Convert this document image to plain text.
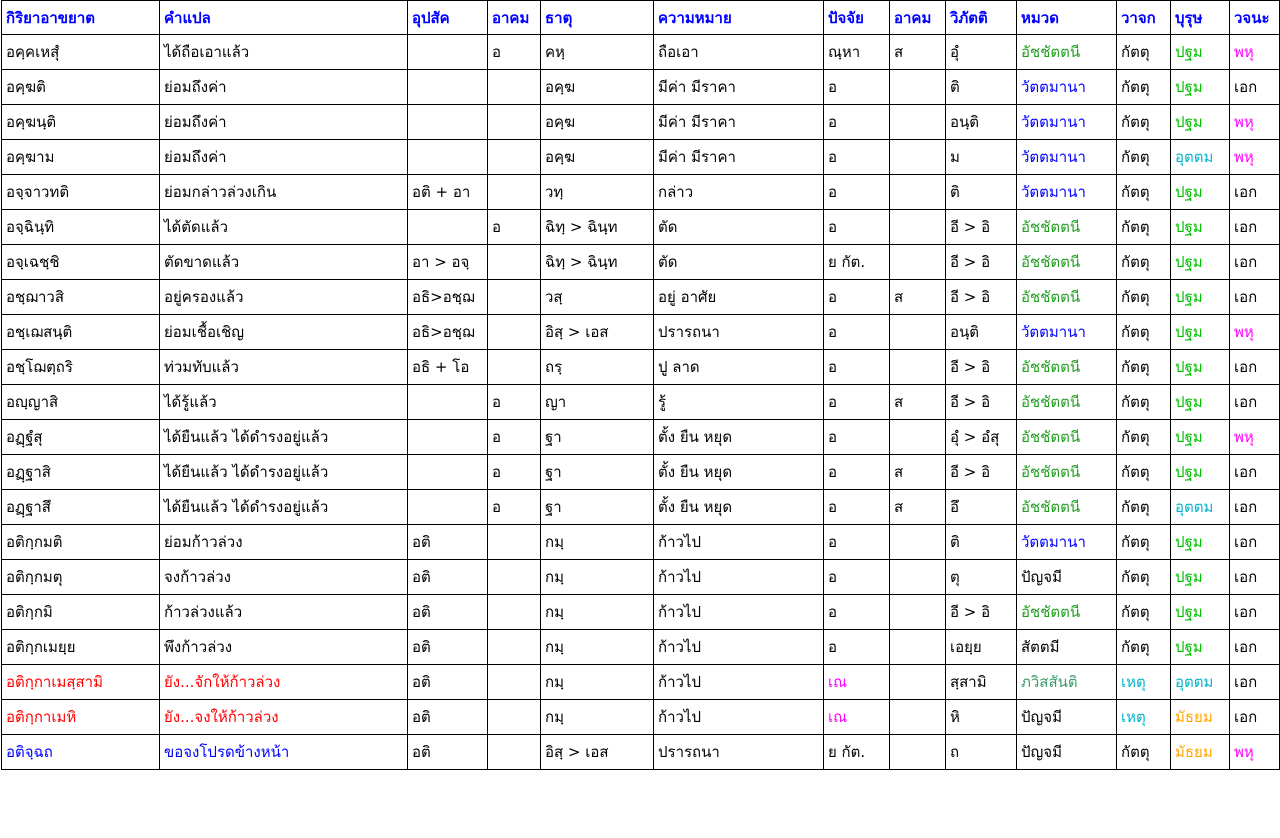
กิริยาอาขยาต	คำแปล	อุปสัค	อาคม	ธาตุ	ความหมาย	ปัจจัย	อาคม	วิภัตติ	หมวด	วาจก	บุรุษ	วจนะ
อคฺคเหสุํ	ได้ถือเอาแล้ว		อ	คหฺ	ถือเอา	ณฺหา	ส	อุํ	อัชชัตตนี	กัตตุ	ปฐม	พหุ
อคฺฆติ	ย่อมถึงค่า			อคฺฆ	มีค่า มีราคา	อ		ติ	วัตตมานา	กัตตุ	ปฐม	เอก
อคฺฆนฺติ	ย่อมถึงค่า			อคฺฆ	มีค่า มีราคา	อ		อนฺติ	วัตตมานา	กัตตุ	ปฐม	พหุ
อคฺฆาม	ย่อมถึงค่า			อคฺฆ	มีค่า มีราคา	อ		ม	วัตตมานา	กัตตุ	อุตตม	พหุ
อจฺจาวทติ	ย่อมกล่าวล่วงเกิน	อติ + อา		วทฺ	กล่าว	อ		ติ	วัตตมานา	กัตตุ	ปฐม	เอก
อจฺฉินฺทิ	ได้ตัดแล้ว		อ	ฉิทฺ > ฉินฺท	ตัด	อ		อี > อิ	อัชชัตตนี	กัตตุ	ปฐม	เอก
อจฺเฉชฺชิ	ตัดขาดแล้ว	อา > อจฺ		ฉิทฺ > ฉินฺท	ตัด	ย กัต.		อี > อิ	อัชชัตตนี	กัตตุ	ปฐม	เอก
อชฺฌาวสิ	อยู่ครองแล้ว	อธิ>อชฺฌ		วสฺ	อยู่ อาศัย	อ	ส	อี > อิ	อัชชัตตนี	กัตตุ	ปฐม	เอก
อชฺเฌสนฺติ	ย่อมเชื้อเชิญ	อธิ>อชฺฌ		อิสฺ > เอส	ปรารถนา	อ		อนฺติ	วัตตมานา	กัตตุ	ปฐม	พหุ
อชฺโฌตฺถริ	ท่วมทับแล้ว	อธิ + โอ		ถรฺ	ปู ลาด	อ		อี > อิ	อัชชัตตนี	กัตตุ	ปฐม	เอก
อญฺญาสิ	ได้รู้แล้ว		อ	ญา	รู้	อ	ส	อี > อิ	อัชชัตตนี	กัตตุ	ปฐม	เอก
อฏฺฐํสุ	ได้ยืนแล้ว ได้ดำรงอยู่แล้ว		อ	ฐา	ตั้ง ยืน หยุด	อ		อุํ > อํสุ	อัชชัตตนี	กัตตุ	ปฐม	พหุ
อฏฺฐาสิ	ได้ยืนแล้ว ได้ดำรงอยู่แล้ว		อ	ฐา	ตั้ง ยืน หยุด	อ	ส	อี > อิ	อัชชัตตนี	กัตตุ	ปฐม	เอก
อฏฺฐาสึ	ได้ยืนแล้ว ได้ดำรงอยู่แล้ว		อ	ฐา	ตั้ง ยืน หยุด	อ	ส	อึ	อัชชัตตนี	กัตตุ	อุตตม	เอก
อติกฺกมติ	ย่อมก้าวล่วง	อติ		กมฺ	ก้าวไป	อ		ติ	วัตตมานา	กัตตุ	ปฐม	เอก
อติกฺกมตุ	จงก้าวล่วง	อติ		กมฺ	ก้าวไป	อ		ตุ	ปัญจมี	กัตตุ	ปฐม	เอก
อติกฺกมิ	ก้าวล่วงแล้ว	อติ		กมฺ	ก้าวไป	อ		อี > อิ	อัชชัตตนี	กัตตุ	ปฐม	เอก
อติกฺกเมยฺย	พึงก้าวล่วง	อติ		กมฺ	ก้าวไป	อ		เอยฺย	สัตตมี	กัตตุ	ปฐม	เอก
อติกฺกาเมสฺสามิ	ยัง...จักให้ก้าวล่วง	อติ		กมฺ	ก้าวไป	เณ		สฺสามิ	ภวิสสันติ	เหตุ	อุตตม	เอก
อติกฺกาเมหิ	ยัง...จงให้ก้าวล่วง	อติ		กมฺ	ก้าวไป	เณ		หิ	ปัญจมี	เหตุ	มัธยม	เอก
อติจฺฉถ	ขอจงโปรดข้างหน้า	อติ		อิสฺ > เอส	ปรารถนา	ย กัต.		ถ	ปัญจมี	กัตตุ	มัธยม	พหุ
